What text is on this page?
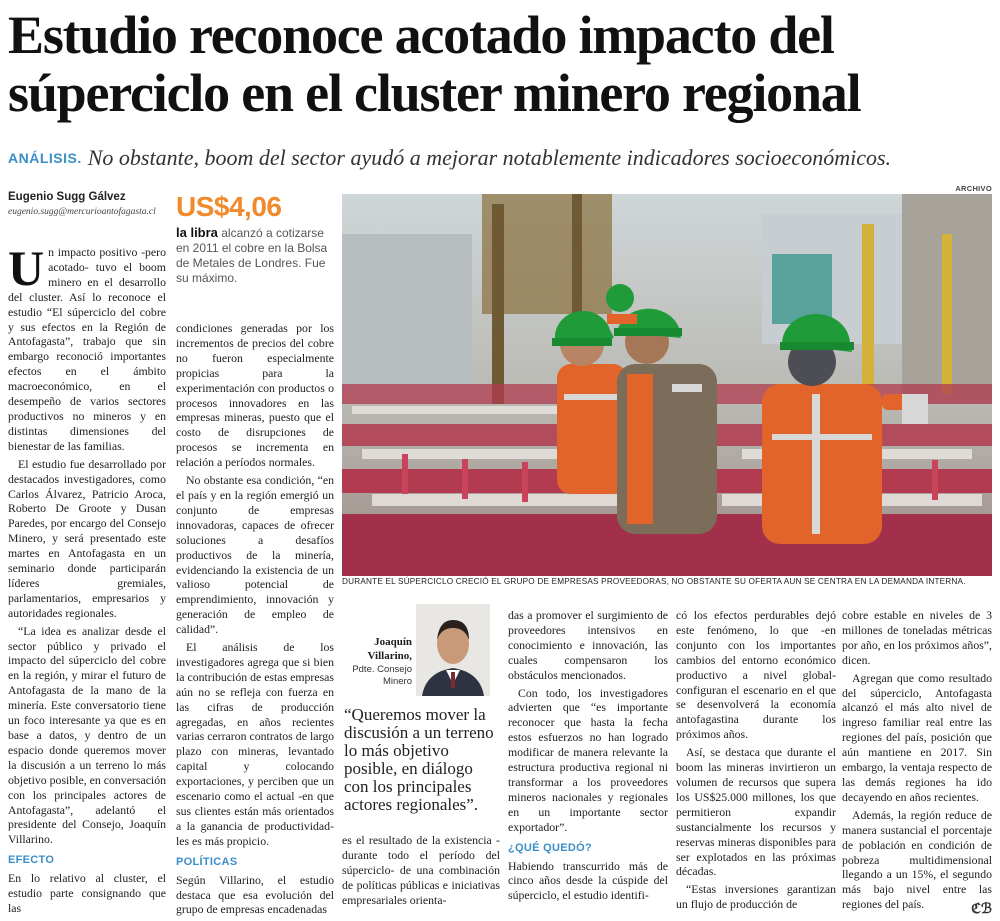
Estudio reconoce acotado impacto del súperciclo en el cluster minero regional
ANÁLISIS. No obstante, boom del sector ayudó a mejorar notablemente indicadores socioeconómicos.
Eugenio Sugg Gálvez
eugenio.sugg@mercurioantofagasta.cl
ARCHIVO
DURANTE EL SÚPERCICLO CRECIÓ EL GRUPO DE EMPRESAS PROVEEDORAS, NO OBSTANTE SU OFERTA AUN SE CENTRA EN LA DEMANDA INTERNA.

Un impacto positivo -pero acotado- tuvo el boom minero en el desarrollo del cluster. Así lo reconoce el estudio “El súperciclo del cobre y sus efectos en la Región de Antofagasta”, trabajo que sin embargo reconoció importantes efectos en el ámbito macroeconómico, en el desempeño de varios sectores productivos no mineros y en distintas dimensiones del bienestar de las familias.

El estudio fue desarrollado por destacados investigadores, como Carlos Álvarez, Patricio Aroca, Roberto De Groote y Dusan Paredes, por encargo del Consejo Minero, y será presentado este martes en Antofagasta en un seminario donde participarán líderes gremiales, parlamentarios, empresarios y autoridades regionales.

“La idea es analizar desde el sector público y privado el impacto del súperciclo del cobre en la región, y mirar el futuro de Antofagasta de la mano de la minería. Este conversatorio tiene un foco interesante ya que es en base a datos, y dentro de un espacio donde queremos mover la discusión a un terreno lo más objetivo posible, en conversación con los principales actores de Antofagasta”, adelantó el presidente del Consejo, Joaquín Villarino.

EFECTO

En lo relativo al cluster, el estudio parte consignando que las

US$4,06
la libra alcanzó a cotizarse en 2011 el cobre en la Bolsa de Metales de Londres. Fue su máximo.

condiciones generadas por los incrementos de precios del cobre no fueron especialmente propicias para la experimentación con productos o procesos innovadores en las empresas mineras, puesto que el costo de disrupciones de procesos se incrementa en relación a períodos normales.

No obstante esa condición, “en el país y en la región emergió un conjunto de empresas innovadoras, capaces de ofrecer soluciones a desafíos productivos de la minería, evidenciando la existencia de un valioso potencial de emprendimiento, innovación y generación de empleo de calidad”.

El análisis de los investigadores agrega que si bien la contribución de estas empresas aún no se refleja con fuerza en las cifras de producción agregadas, en años recientes varias cerraron contratos de largo plazo con mineras, levantado capital y colocando exportaciones, y perciben que un escenario como el actual -en que sus clientes están más orientados a la ganancia de productividad- les es más propicio.

POLÍTICAS

Según Villarino, el estudio destaca que esa evolución del grupo de empresas encadenadas

Joaquín Villarino,
Pdte. Consejo Minero
“Queremos mover la discusión a un terreno lo más objetivo posible, en diálogo con los principales actores regionales”.

es el resultado de la existencia -durante todo el período del súperciclo- de una combinación de políticas públicas e iniciativas empresariales orienta-

das a promover el surgimiento de proveedores intensivos en conocimiento e innovación, las cuales compensaron los obstáculos mencionados.

Con todo, los investigadores advierten que “es importante reconocer que hasta la fecha estos esfuerzos no han logrado modificar de manera relevante la estructura productiva regional ni transformar a los proveedores mineros nacionales y regionales en un importante sector exportador”.

¿QUÉ QUEDÓ?

Habiendo transcurrido más de cinco años desde la cúspide del súperciclo, el estudio identifi-

có los efectos perdurables dejó este fenómeno, lo que -en conjunto con los importantes cambios del entorno económico productivo a nivel global- configuran el escenario en el que se desenvolverá la economía antofagastina durante los próximos años.

Así, se destaca que durante el boom las mineras invirtieron un volumen de recursos que supera los US$25.000 millones, los que permitieron expandir sustancialmente los recursos y reservas mineras disponibles para ser explotados en las próximas décadas.

“Estas inversiones garantizan un flujo de producción de

cobre estable en niveles de 3 millones de toneladas métricas por año, en los próximos años”, dicen.

Agregan que como resultado del súperciclo, Antofagasta alcanzó el más alto nivel de ingreso familiar real entre las regiones del país, posición que aún mantiene en 2017. Sin embargo, la ventaja respecto de las demás regiones ha ido decayendo en años recientes.

Además, la región reduce de manera sustancial el porcentaje de población en condición de pobreza multidimensional llegando a un 15%, el segundo más bajo nivel entre las regiones del país.	ℭℬ
